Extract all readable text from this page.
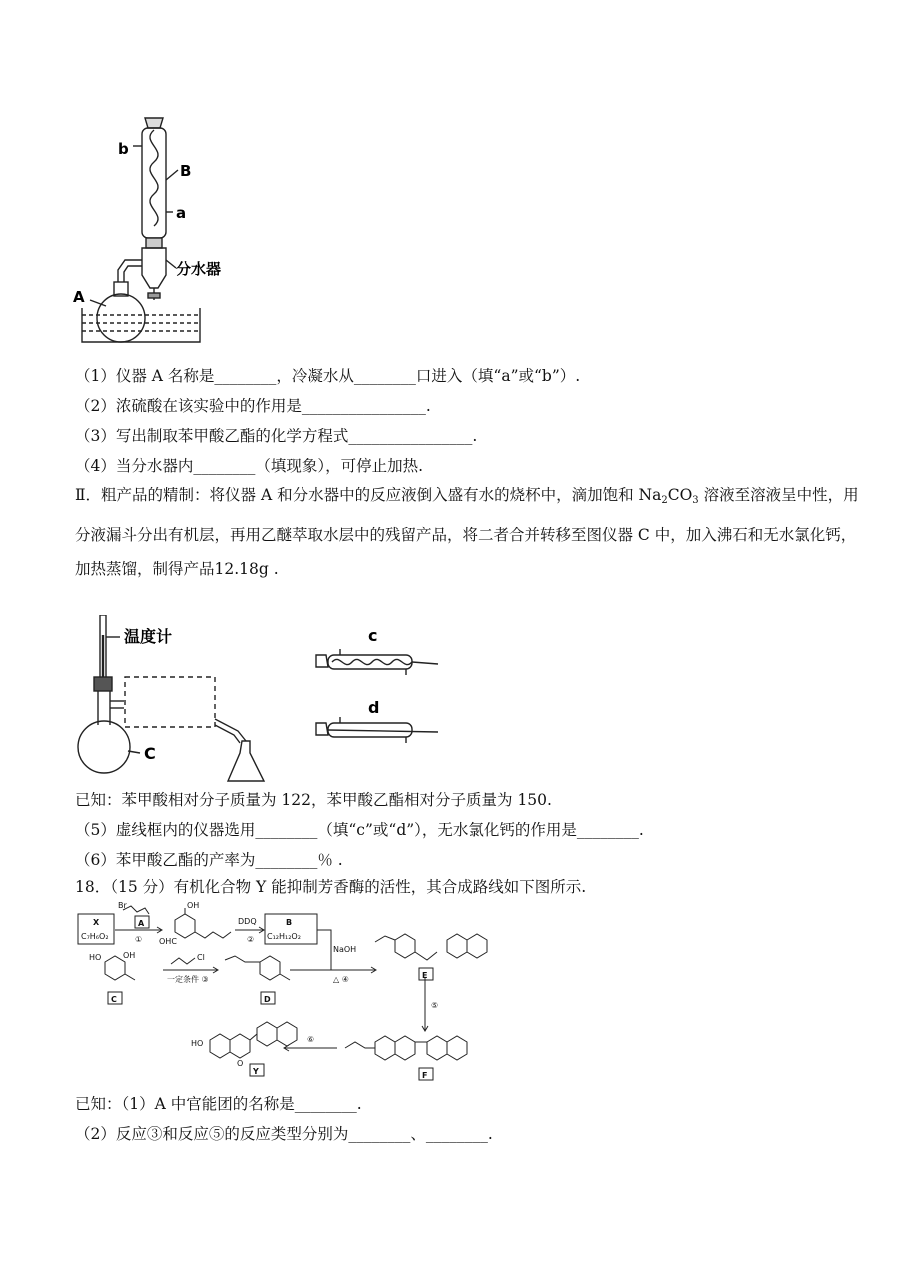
b
B
a
分水器
A
（1）仪器 A 名称是________，冷凝水从________口进入（填“a”或“b”）.
（2）浓硫酸在该实验中的作用是________________.
（3）写出制取苯甲酸乙酯的化学方程式________________.
（4）当分水器内________（填现象），可停止加热.
Ⅱ．粗产品的精制：将仪器 A 和分水器中的反应液倒入盛有水的烧杯中，滴加饱和 $Na_2CO_3$ 溶液至溶液呈中性，用分液漏斗分出有机层，再用乙醚萃取水层中的残留产品，将二者合并转移至图仪器 C 中，加入沸石和无水氯化钙，加热蒸馏，制得产品12.18g .
温度计
C
c
d
已知：苯甲酸相对分子质量为 122，苯甲酸乙酯相对分子质量为 150.
（5）虚线框内的仪器选用________（填“c”或“d”），无水氯化钙的作用是________.
（6）苯甲酸乙酯的产率为________％ .
18．（15 分）有机化合物 Y 能抑制芳香酶的活性，其合成路线如下图所示.
X
C₇H₆O₂
Br
A
①
OH
OHC
DDQ
②
B
C₁₂H₁₂O₂
NaOH
△ ④
HO	OH	Cl
一定条件 ③
C	D
E
⑤
⑥
HO
O
Y	F
已知：（1）A 中官能团的名称是________.
（2）反应③和反应⑤的反应类型分别为________、________.
